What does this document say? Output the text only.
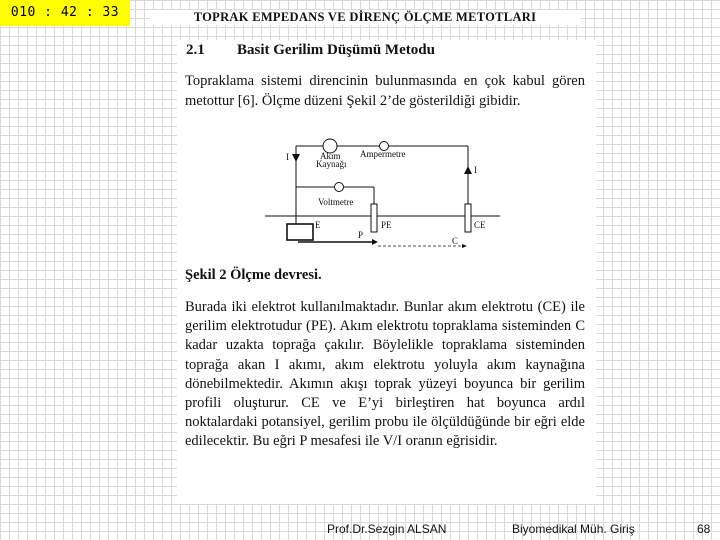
010 : 42 : 33	TOPRAK EMPEDANS VE DİRENÇ ÖLÇME METOTLARI
2.1 Basit Gerilim Düşümü Metodu
Topraklama sistemi direncinin bulunmasında en çok kabul gören metottur [6]. Ölçme düzeni Şekil 2’de gösterildiği gibidir.
I	Akım
Kaynağı
Ampermetre
I
Voltmetre
E	PE	CE
P
C
Şekil 2 Ölçme devresi.
Burada iki elektrot kullanılmaktadır. Bunlar akım elektrotu (CE) ile gerilim elektrotudur (PE). Akım elektrotu topraklama sisteminden C kadar uzakta toprağa çakılır. Böylelikle topraklama sisteminden toprağa akan I akımı, akım elektrotu yoluyla akım kaynağına dönebilmektedir. Akımın akışı toprak yüzeyi boyunca bir gerilim profili oluşturur. CE ve E’yi birleştiren hat boyunca ardıl noktalardaki potansiyel, gerilim probu ile ölçüldüğünde bir eğri elde edilecektir. Bu eğri P mesafesi ile V/I oranın eğrisidir.
Prof.Dr.Sezgin ALSAN	Biyomedikal Müh. Giriş	68
